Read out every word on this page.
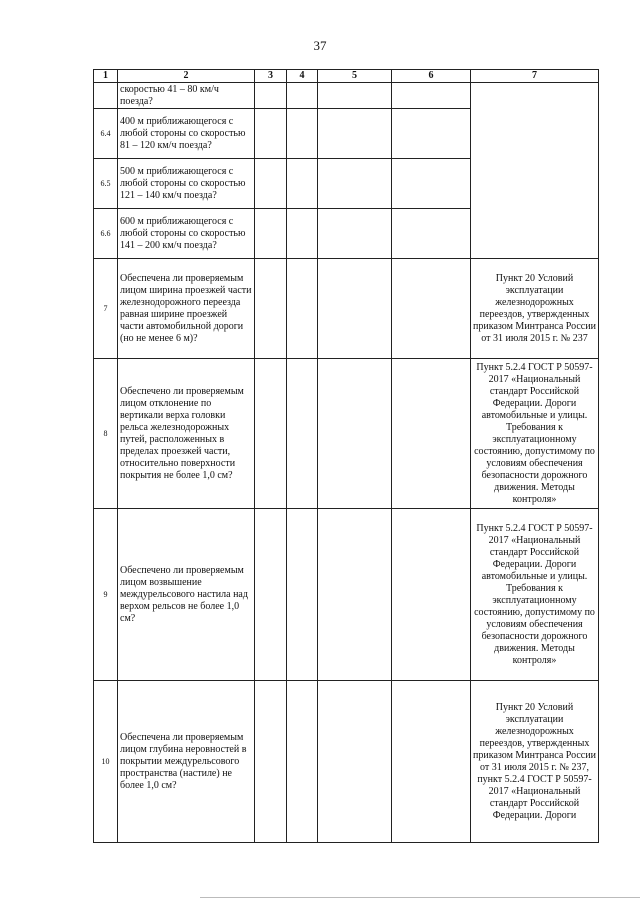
37
1	2	3	4	5	6	7
	скоростью 41 – 80 км/ч поезда?					
6.4	400 м приближающегося с любой стороны со скоростью 81 – 120 км/ч поезда?					
6.5	500 м приближающегося с любой стороны со скоростью 121 – 140 км/ч поезда?					
6.6	600 м приближающегося с любой стороны со скоростью 141 – 200 км/ч поезда?					
7	Обеспечена ли проверяемым лицом ширина проезжей части железнодорожного переезда равная ширине проезжей части автомобильной дороги (но не менее 6 м)?					Пункт 20 Условий эксплуатации железнодорожных переездов, утвержденных приказом Минтранса России от 31 июля 2015 г. № 237
8	Обеспечено ли проверяемым лицом отклонение по вертикали верха головки рельса железнодорожных путей, расположенных в пределах проезжей части, относительно поверхности покрытия не более 1,0 см?					Пункт 5.2.4 ГОСТ Р 50597-2017 «Национальный стандарт Российской Федерации. Дороги автомобильные и улицы. Требования к эксплуатационному состоянию, допустимому по условиям обеспечения безопасности дорожного движения. Методы контроля»
9	Обеспечено ли проверяемым лицом возвышение междурельсового настила над верхом рельсов не более 1,0 см?					Пункт 5.2.4 ГОСТ Р 50597-2017 «Национальный стандарт Российской Федерации. Дороги автомобильные и улицы. Требования к эксплуатационному состоянию, допустимому по условиям обеспечения безопасности дорожного движения. Методы контроля»
10	Обеспечена ли проверяемым лицом глубина неровностей в покрытии междурельсового пространства (настиле) не более 1,0 см?					Пункт 20 Условий эксплуатации железнодорожных переездов, утвержденных приказом Минтранса России от 31 июля 2015 г. № 237, пункт 5.2.4 ГОСТ Р 50597-2017 «Национальный стандарт Российской Федерации. Дороги
